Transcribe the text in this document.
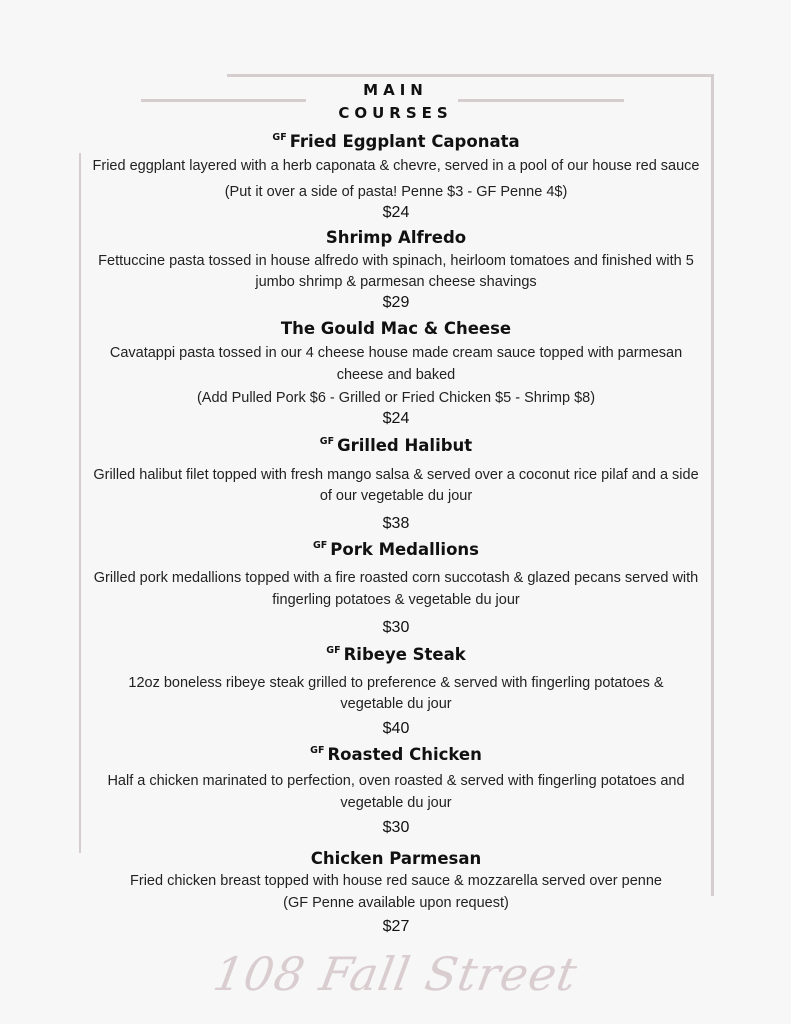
MAIN
COURSES
$^{GF}$ Fried Eggplant Caponata
Fried eggplant layered with a herb caponata & chevre, served in a pool of our house red sauce
(Put it over a side of pasta! Penne $3 - GF Penne 4$)
$24
Shrimp Alfredo
Fettuccine pasta tossed in house alfredo with spinach, heirloom tomatoes and finished with 5
jumbo shrimp & parmesan cheese shavings
$29
The Gould Mac & Cheese
Cavatappi pasta tossed in our 4 cheese house made cream sauce topped with parmesan
cheese and baked
(Add Pulled Pork $6 - Grilled or Fried Chicken $5 - Shrimp $8)
$24
$^{GF}$ Grilled Halibut
Grilled halibut filet topped with fresh mango salsa & served over a coconut rice pilaf and a side
of our vegetable du jour
$38
$^{GF}$ Pork Medallions
Grilled pork medallions topped with a fire roasted corn succotash & glazed pecans served with
fingerling potatoes & vegetable du jour
$30
$^{GF}$ Ribeye Steak
12oz boneless ribeye steak grilled to preference & served with fingerling potatoes &
vegetable du jour
$40
$^{GF}$ Roasted Chicken
Half a chicken marinated to perfection, oven roasted & served with fingerling potatoes and
vegetable du jour
$30
Chicken Parmesan
Fried chicken breast topped with house red sauce & mozzarella served over penne
(GF Penne available upon request)
$27
108 Fall Street
